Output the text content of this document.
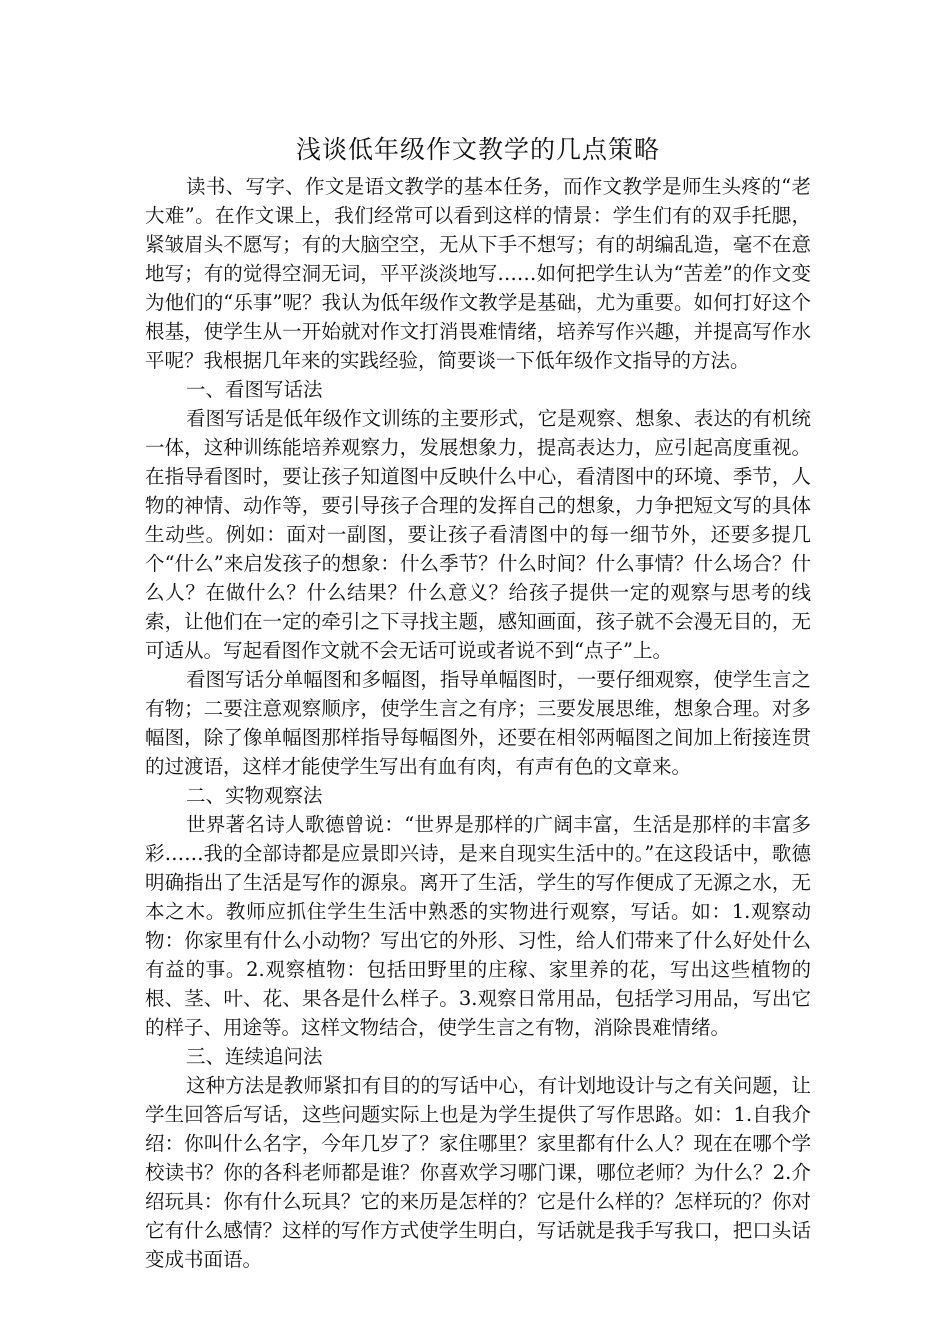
浅谈低年级作文教学的几点策略

读书、写字、作文是语文教学的基本任务，而作文教学是师生头疼的“老大难”。在作文课上，我们经常可以看到这样的情景：学生们有的双手托腮，紧皱眉头不愿写；有的大脑空空，无从下手不想写；有的胡编乱造，毫不在意地写；有的觉得空洞无词，平平淡淡地写……如何把学生认为“苦差”的作文变为他们的“乐事”呢？我认为低年级作文教学是基础，尤为重要。如何打好这个根基，使学生从一开始就对作文打消畏难情绪，培养写作兴趣，并提高写作水平呢？我根据几年来的实践经验，简要谈一下低年级作文指导的方法。

一、看图写话法

看图写话是低年级作文训练的主要形式，它是观察、想象、表达的有机统一体，这种训练能培养观察力，发展想象力，提高表达力，应引起高度重视。在指导看图时，要让孩子知道图中反映什么中心，看清图中的环境、季节，人物的神情、动作等，要引导孩子合理的发挥自己的想象，力争把短文写的具体生动些。例如：面对一副图，要让孩子看清图中的每一细节外，还要多提几个“什么”来启发孩子的想象：什么季节？什么时间？什么事情？什么场合？什么人？在做什么？什么结果？什么意义？给孩子提供一定的观察与思考的线索，让他们在一定的牵引之下寻找主题，感知画面，孩子就不会漫无目的，无可适从。写起看图作文就不会无话可说或者说不到“点子”上。

看图写话分单幅图和多幅图，指导单幅图时，一要仔细观察，使学生言之有物；二要注意观察顺序，使学生言之有序；三要发展思维，想象合理。对多幅图，除了像单幅图那样指导每幅图外，还要在相邻两幅图之间加上衔接连贯的过渡语，这样才能使学生写出有血有肉，有声有色的文章来。

二、实物观察法

世界著名诗人歌德曾说：“世界是那样的广阔丰富，生活是那样的丰富多彩……我的全部诗都是应景即兴诗，是来自现实生活中的。”在这段话中，歌德明确指出了生活是写作的源泉。离开了生活，学生的写作便成了无源之水，无本之木。教师应抓住学生生活中熟悉的实物进行观察，写话。如：1.观察动物：你家里有什么小动物？写出它的外形、习性，给人们带来了什么好处什么有益的事。2.观察植物：包括田野里的庄稼、家里养的花，写出这些植物的根、茎、叶、花、果各是什么样子。3.观察日常用品，包括学习用品，写出它的样子、用途等。这样文物结合，使学生言之有物，消除畏难情绪。

三、连续追问法

这种方法是教师紧扣有目的的写话中心，有计划地设计与之有关问题，让学生回答后写话，这些问题实际上也是为学生提供了写作思路。如：1.自我介绍：你叫什么名字，今年几岁了？家住哪里？家里都有什么人？现在在哪个学校读书？你的各科老师都是谁？你喜欢学习哪门课，哪位老师？为什么？2.介绍玩具：你有什么玩具？它的来历是怎样的？它是什么样的？怎样玩的？你对它有什么感情？这样的写作方式使学生明白，写话就是我手写我口，把口头话变成书面语。
